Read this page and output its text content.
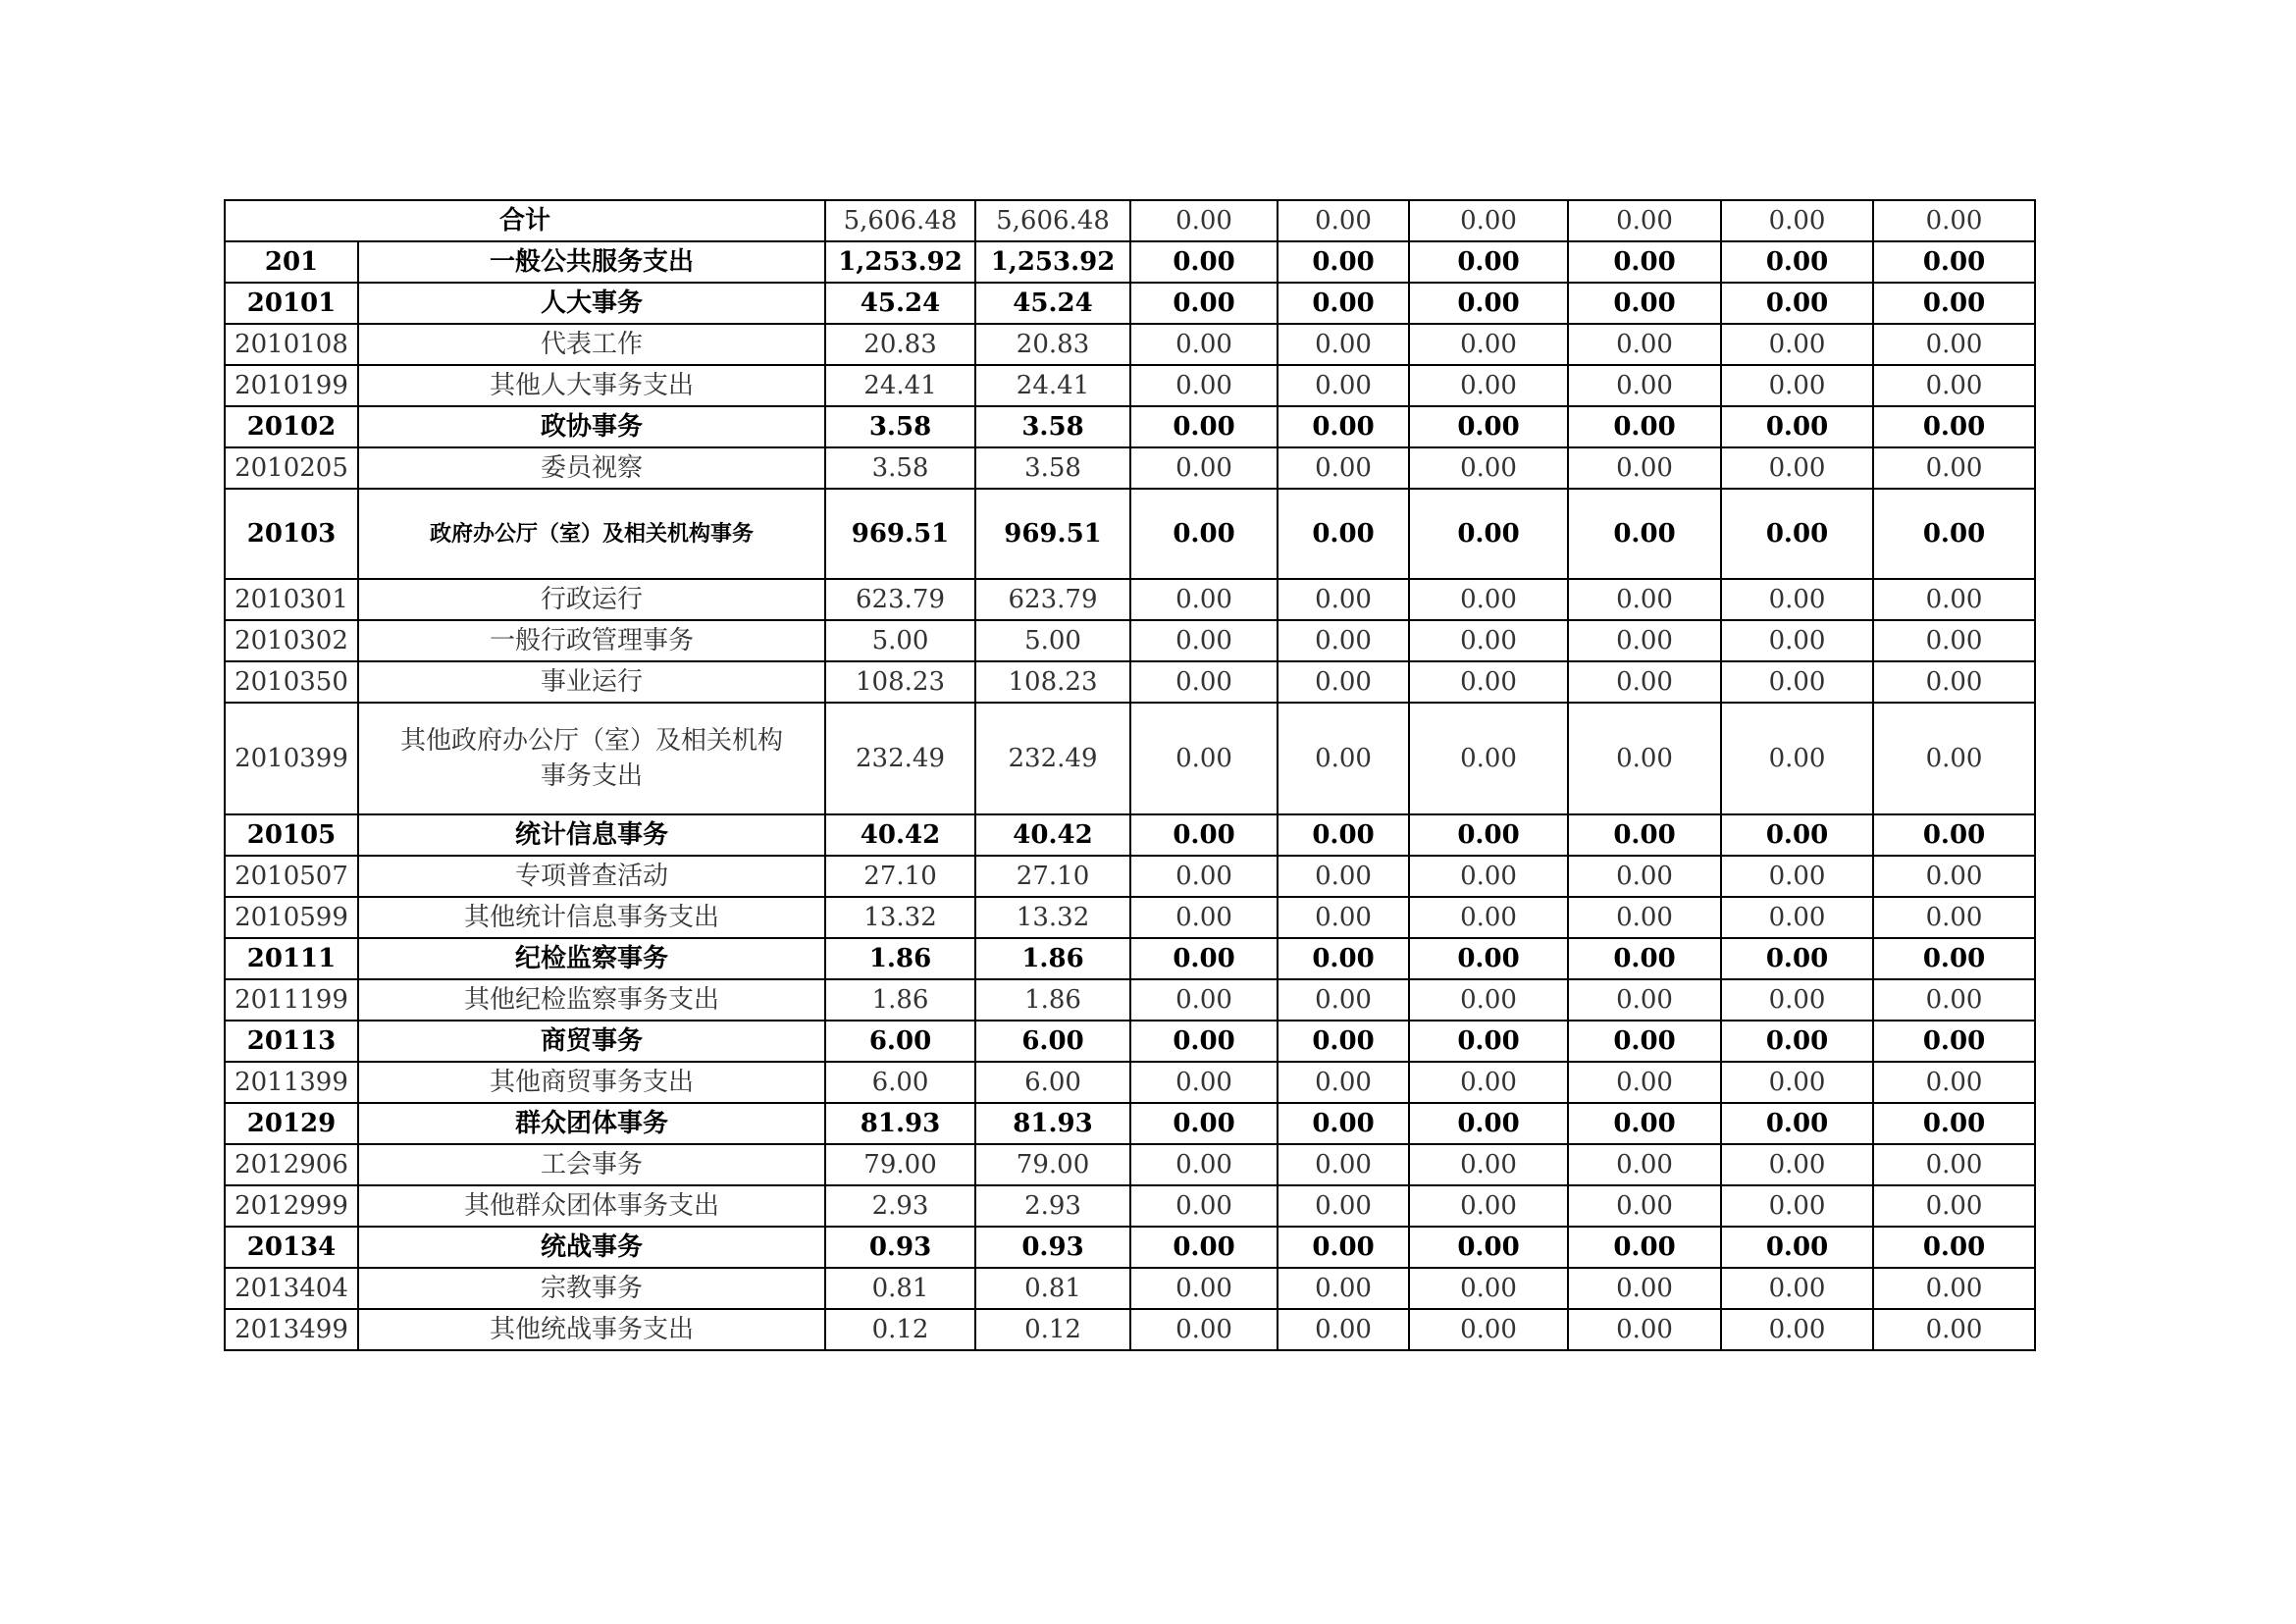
合计		5,606.48	5,606.48	0.00	0.00	0.00	0.00	0.00	0.00
201	一般公共服务支出	1,253.92	1,253.92	0.00	0.00	0.00	0.00	0.00	0.00
20101	人大事务	45.24	45.24	0.00	0.00	0.00	0.00	0.00	0.00
2010108	代表工作	20.83	20.83	0.00	0.00	0.00	0.00	0.00	0.00
2010199	其他人大事务支出	24.41	24.41	0.00	0.00	0.00	0.00	0.00	0.00
20102	政协事务	3.58	3.58	0.00	0.00	0.00	0.00	0.00	0.00
2010205	委员视察	3.58	3.58	0.00	0.00	0.00	0.00	0.00	0.00
20103	政府办公厅（室）及相关机构事务	969.51	969.51	0.00	0.00	0.00	0.00	0.00	0.00
2010301	行政运行	623.79	623.79	0.00	0.00	0.00	0.00	0.00	0.00
2010302	一般行政管理事务	5.00	5.00	0.00	0.00	0.00	0.00	0.00	0.00
2010350	事业运行	108.23	108.23	0.00	0.00	0.00	0.00	0.00	0.00
2010399	其他政府办公厅（室）及相关机构事务支出	232.49	232.49	0.00	0.00	0.00	0.00	0.00	0.00
20105	统计信息事务	40.42	40.42	0.00	0.00	0.00	0.00	0.00	0.00
2010507	专项普查活动	27.10	27.10	0.00	0.00	0.00	0.00	0.00	0.00
2010599	其他统计信息事务支出	13.32	13.32	0.00	0.00	0.00	0.00	0.00	0.00
20111	纪检监察事务	1.86	1.86	0.00	0.00	0.00	0.00	0.00	0.00
2011199	其他纪检监察事务支出	1.86	1.86	0.00	0.00	0.00	0.00	0.00	0.00
20113	商贸事务	6.00	6.00	0.00	0.00	0.00	0.00	0.00	0.00
2011399	其他商贸事务支出	6.00	6.00	0.00	0.00	0.00	0.00	0.00	0.00
20129	群众团体事务	81.93	81.93	0.00	0.00	0.00	0.00	0.00	0.00
2012906	工会事务	79.00	79.00	0.00	0.00	0.00	0.00	0.00	0.00
2012999	其他群众团体事务支出	2.93	2.93	0.00	0.00	0.00	0.00	0.00	0.00
20134	统战事务	0.93	0.93	0.00	0.00	0.00	0.00	0.00	0.00
2013404	宗教事务	0.81	0.81	0.00	0.00	0.00	0.00	0.00	0.00
2013499	其他统战事务支出	0.12	0.12	0.00	0.00	0.00	0.00	0.00	0.00
